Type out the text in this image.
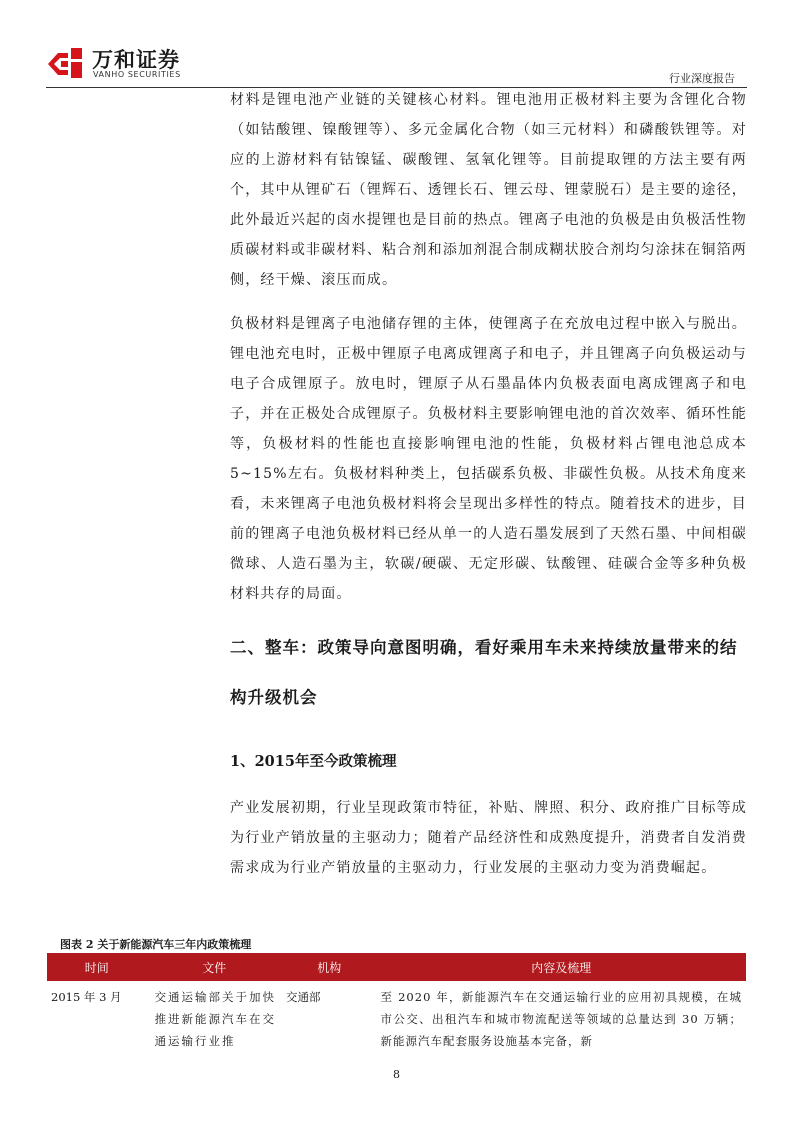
万和证券
VANHO SECURITIES	行业深度报告

材料是锂电池产业链的关键核心材料。锂电池用正极材料主要为含锂化合物（如钴酸锂、镍酸锂等）、多元金属化合物（如三元材料）和磷酸铁锂等。对应的上游材料有钴镍锰、碳酸锂、氢氧化锂等。目前提取锂的方法主要有两个，其中从锂矿石（锂辉石、透锂长石、锂云母、锂蒙脱石）是主要的途径，此外最近兴起的卤水提锂也是目前的热点。锂离子电池的负极是由负极活性物质碳材料或非碳材料、粘合剂和添加剂混合制成糊状胶合剂均匀涂抹在铜箔两侧，经干燥、滚压而成。

负极材料是锂离子电池储存锂的主体，使锂离子在充放电过程中嵌入与脱出。锂电池充电时，正极中锂原子电离成锂离子和电子，并且锂离子向负极运动与电子合成锂原子。放电时，锂原子从石墨晶体内负极表面电离成锂离子和电子，并在正极处合成锂原子。负极材料主要影响锂电池的首次效率、循环性能等，负极材料的性能也直接影响锂电池的性能，负极材料占锂电池总成本5~15%左右。负极材料种类上，包括碳系负极、非碳性负极。从技术角度来看，未来锂离子电池负极材料将会呈现出多样性的特点。随着技术的进步，目前的锂离子电池负极材料已经从单一的人造石墨发展到了天然石墨、中间相碳微球、人造石墨为主，软碳/硬碳、无定形碳、钛酸锂、硅碳合金等多种负极材料共存的局面。

二、整车：政策导向意图明确，看好乘用车未来持续放量带来的结构升级机会

1、2015年至今政策梳理

产业发展初期，行业呈现政策市特征，补贴、牌照、积分、政府推广目标等成为行业产销放量的主驱动力；随着产品经济性和成熟度提升，消费者自发消费需求成为行业产销放量的主驱动力，行业发展的主驱动力变为消费崛起。

图表 2 关于新能源汽车三年内政策梳理
时间	文件	机构	内容及梳理
2015 年 3 月	交通运输部关于加快推进新能源汽车在交通运输行业推	交通部	至 2020 年，新能源汽车在交通运输行业的应用初具规模，在城市公交、出租汽车和城市物流配送等领域的总量达到 30 万辆；新能源汽车配套服务设施基本完备，新
8
